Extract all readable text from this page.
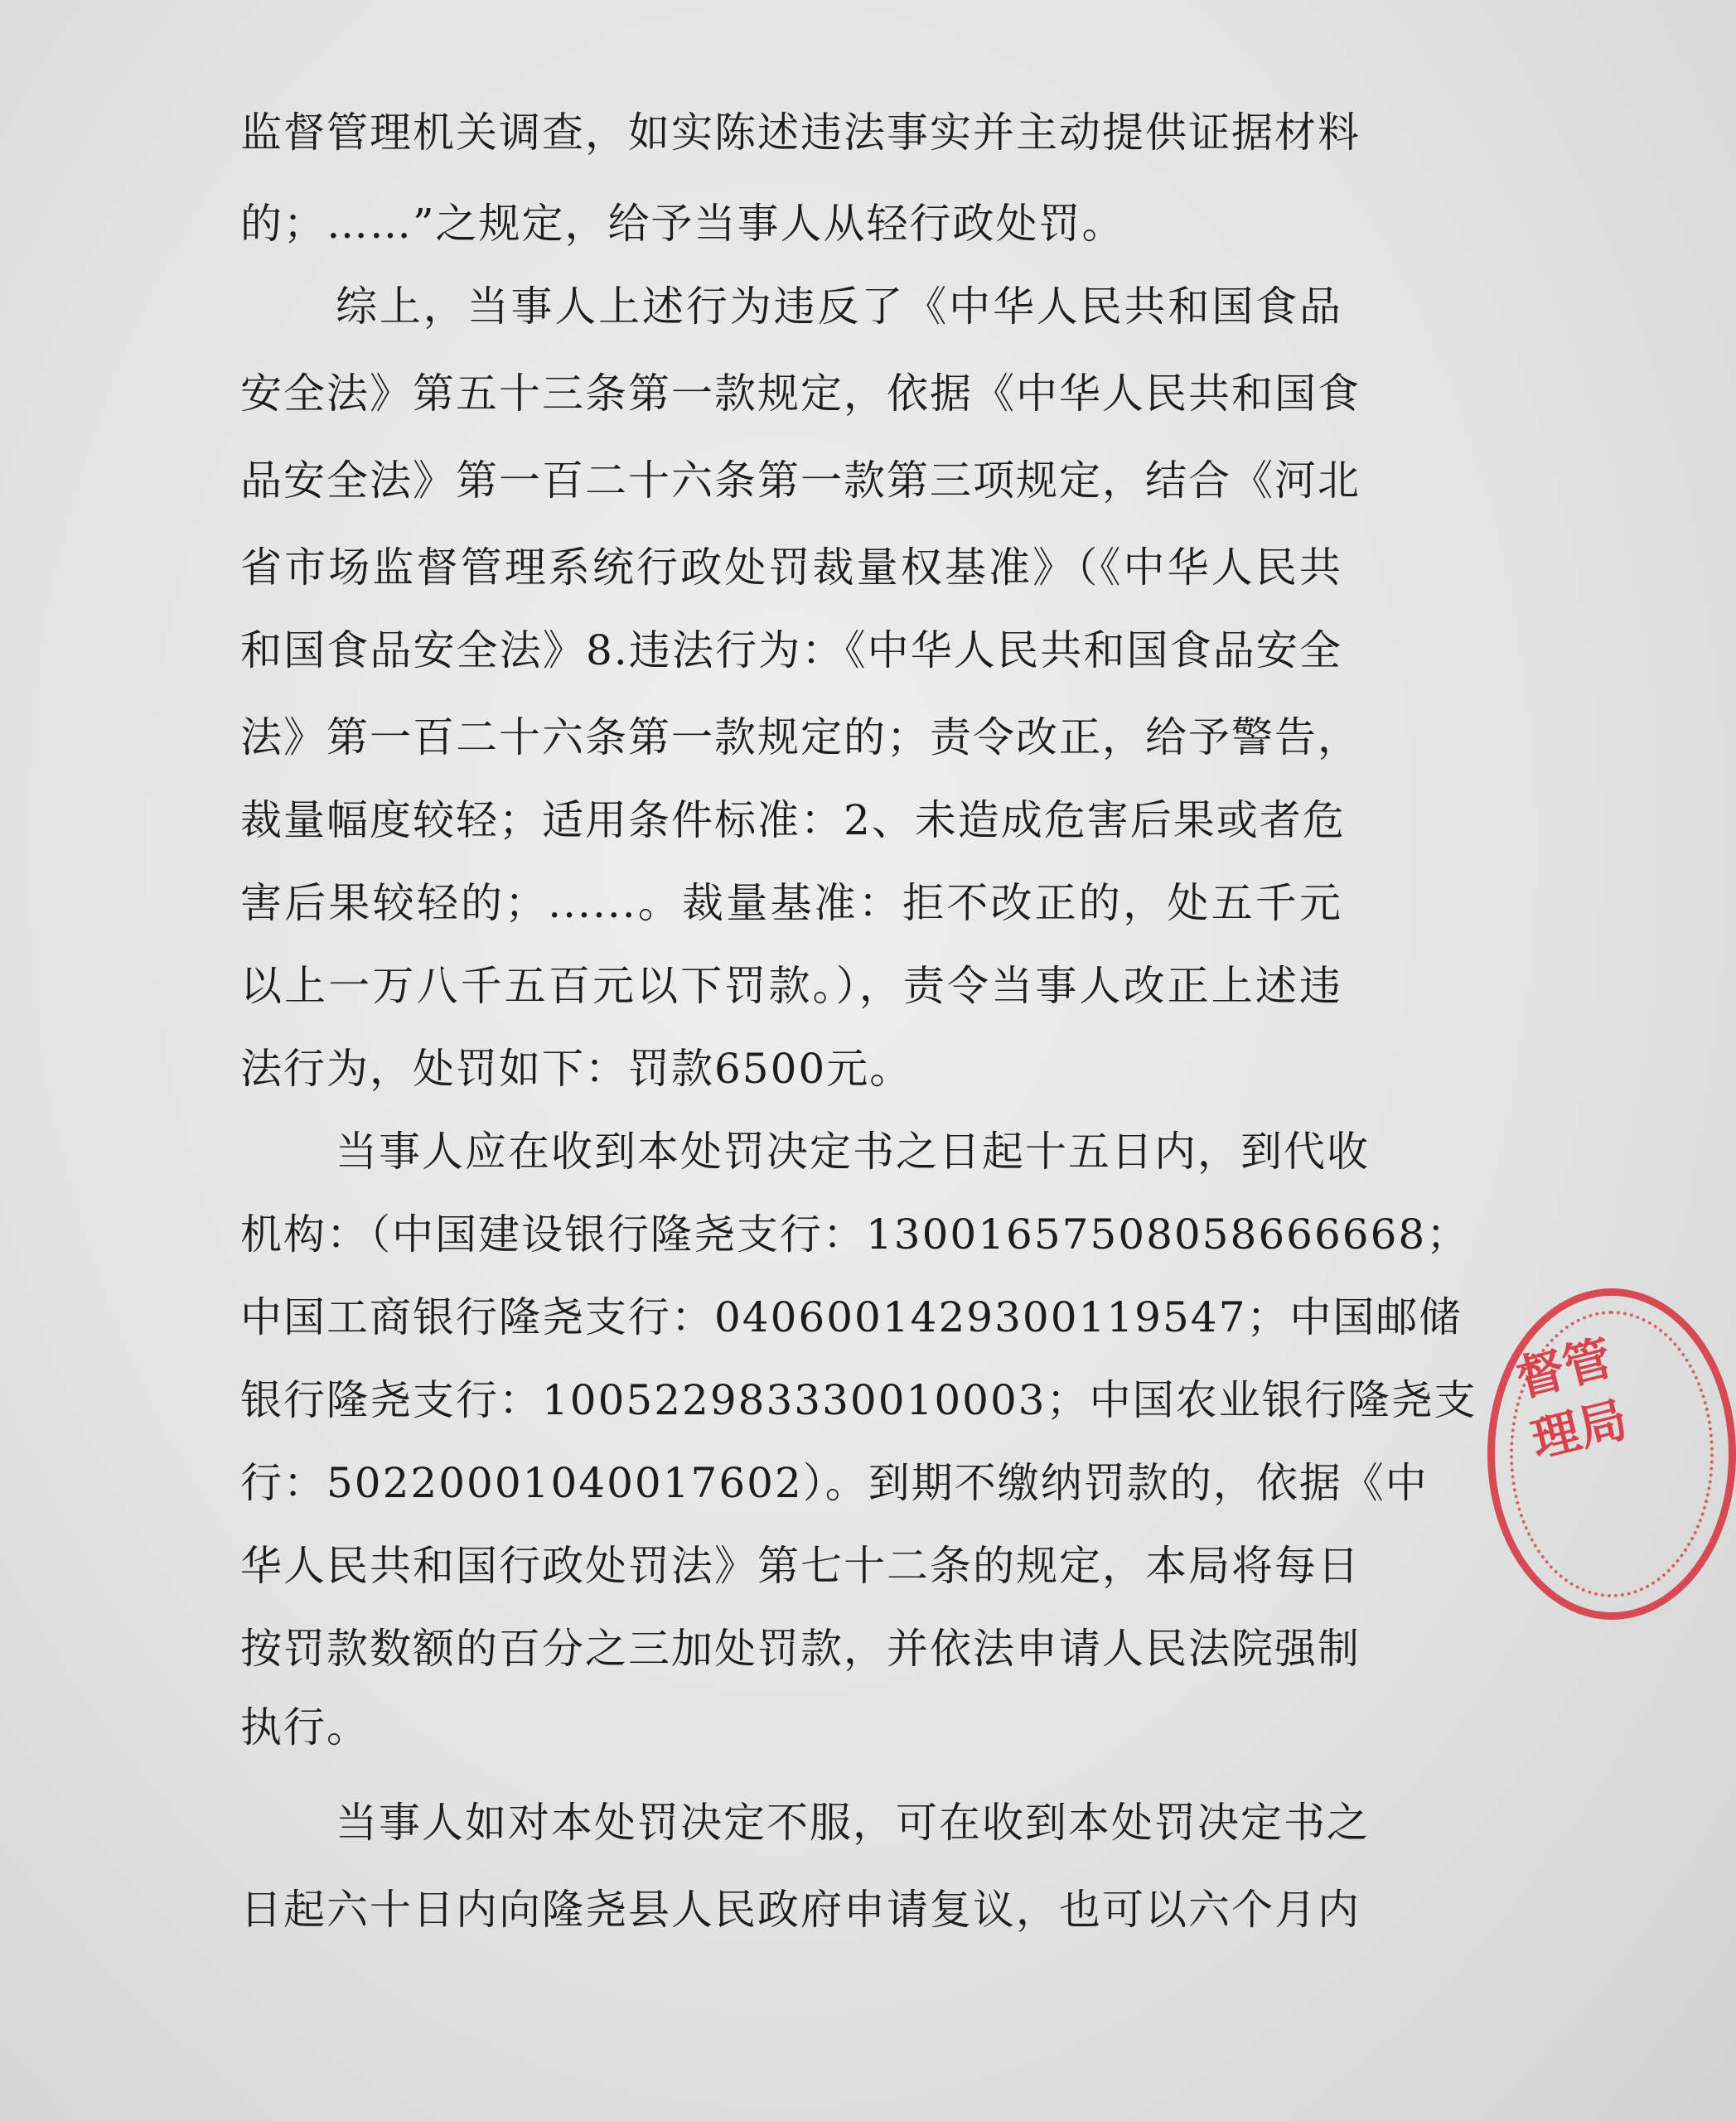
监督管理机关调查，如实陈述违法事实并主动提供证据材料
的；……”之规定，给予当事人从轻行政处罚。
综上，当事人上述行为违反了《中华人民共和国食品
安全法》第五十三条第一款规定，依据《中华人民共和国食
品安全法》第一百二十六条第一款第三项规定，结合《河北
省市场监督管理系统行政处罚裁量权基准》（《中华人民共
和国食品安全法》8.违法行为：《中华人民共和国食品安全
法》第一百二十六条第一款规定的；责令改正，给予警告，
裁量幅度较轻；适用条件标准：2、未造成危害后果或者危
害后果较轻的；......。裁量基准：拒不改正的，处五千元
以上一万八千五百元以下罚款。），责令当事人改正上述违
法行为，处罚如下：罚款6500元。
当事人应在收到本处罚决定书之日起十五日内，到代收
机构：（中国建设银行隆尧支行：13001657508058666668；
中国工商银行隆尧支行：0406001429300119547；中国邮储
银行隆尧支行：100522983330010003；中国农业银行隆尧支
行：50220001040017602）。到期不缴纳罚款的，依据《中
华人民共和国行政处罚法》第七十二条的规定，本局将每日
按罚款数额的百分之三加处罚款，并依法申请人民法院强制
执行。
当事人如对本处罚决定不服，可在收到本处罚决定书之
日起六十日内向隆尧县人民政府申请复议，也可以六个月内
督管理局
